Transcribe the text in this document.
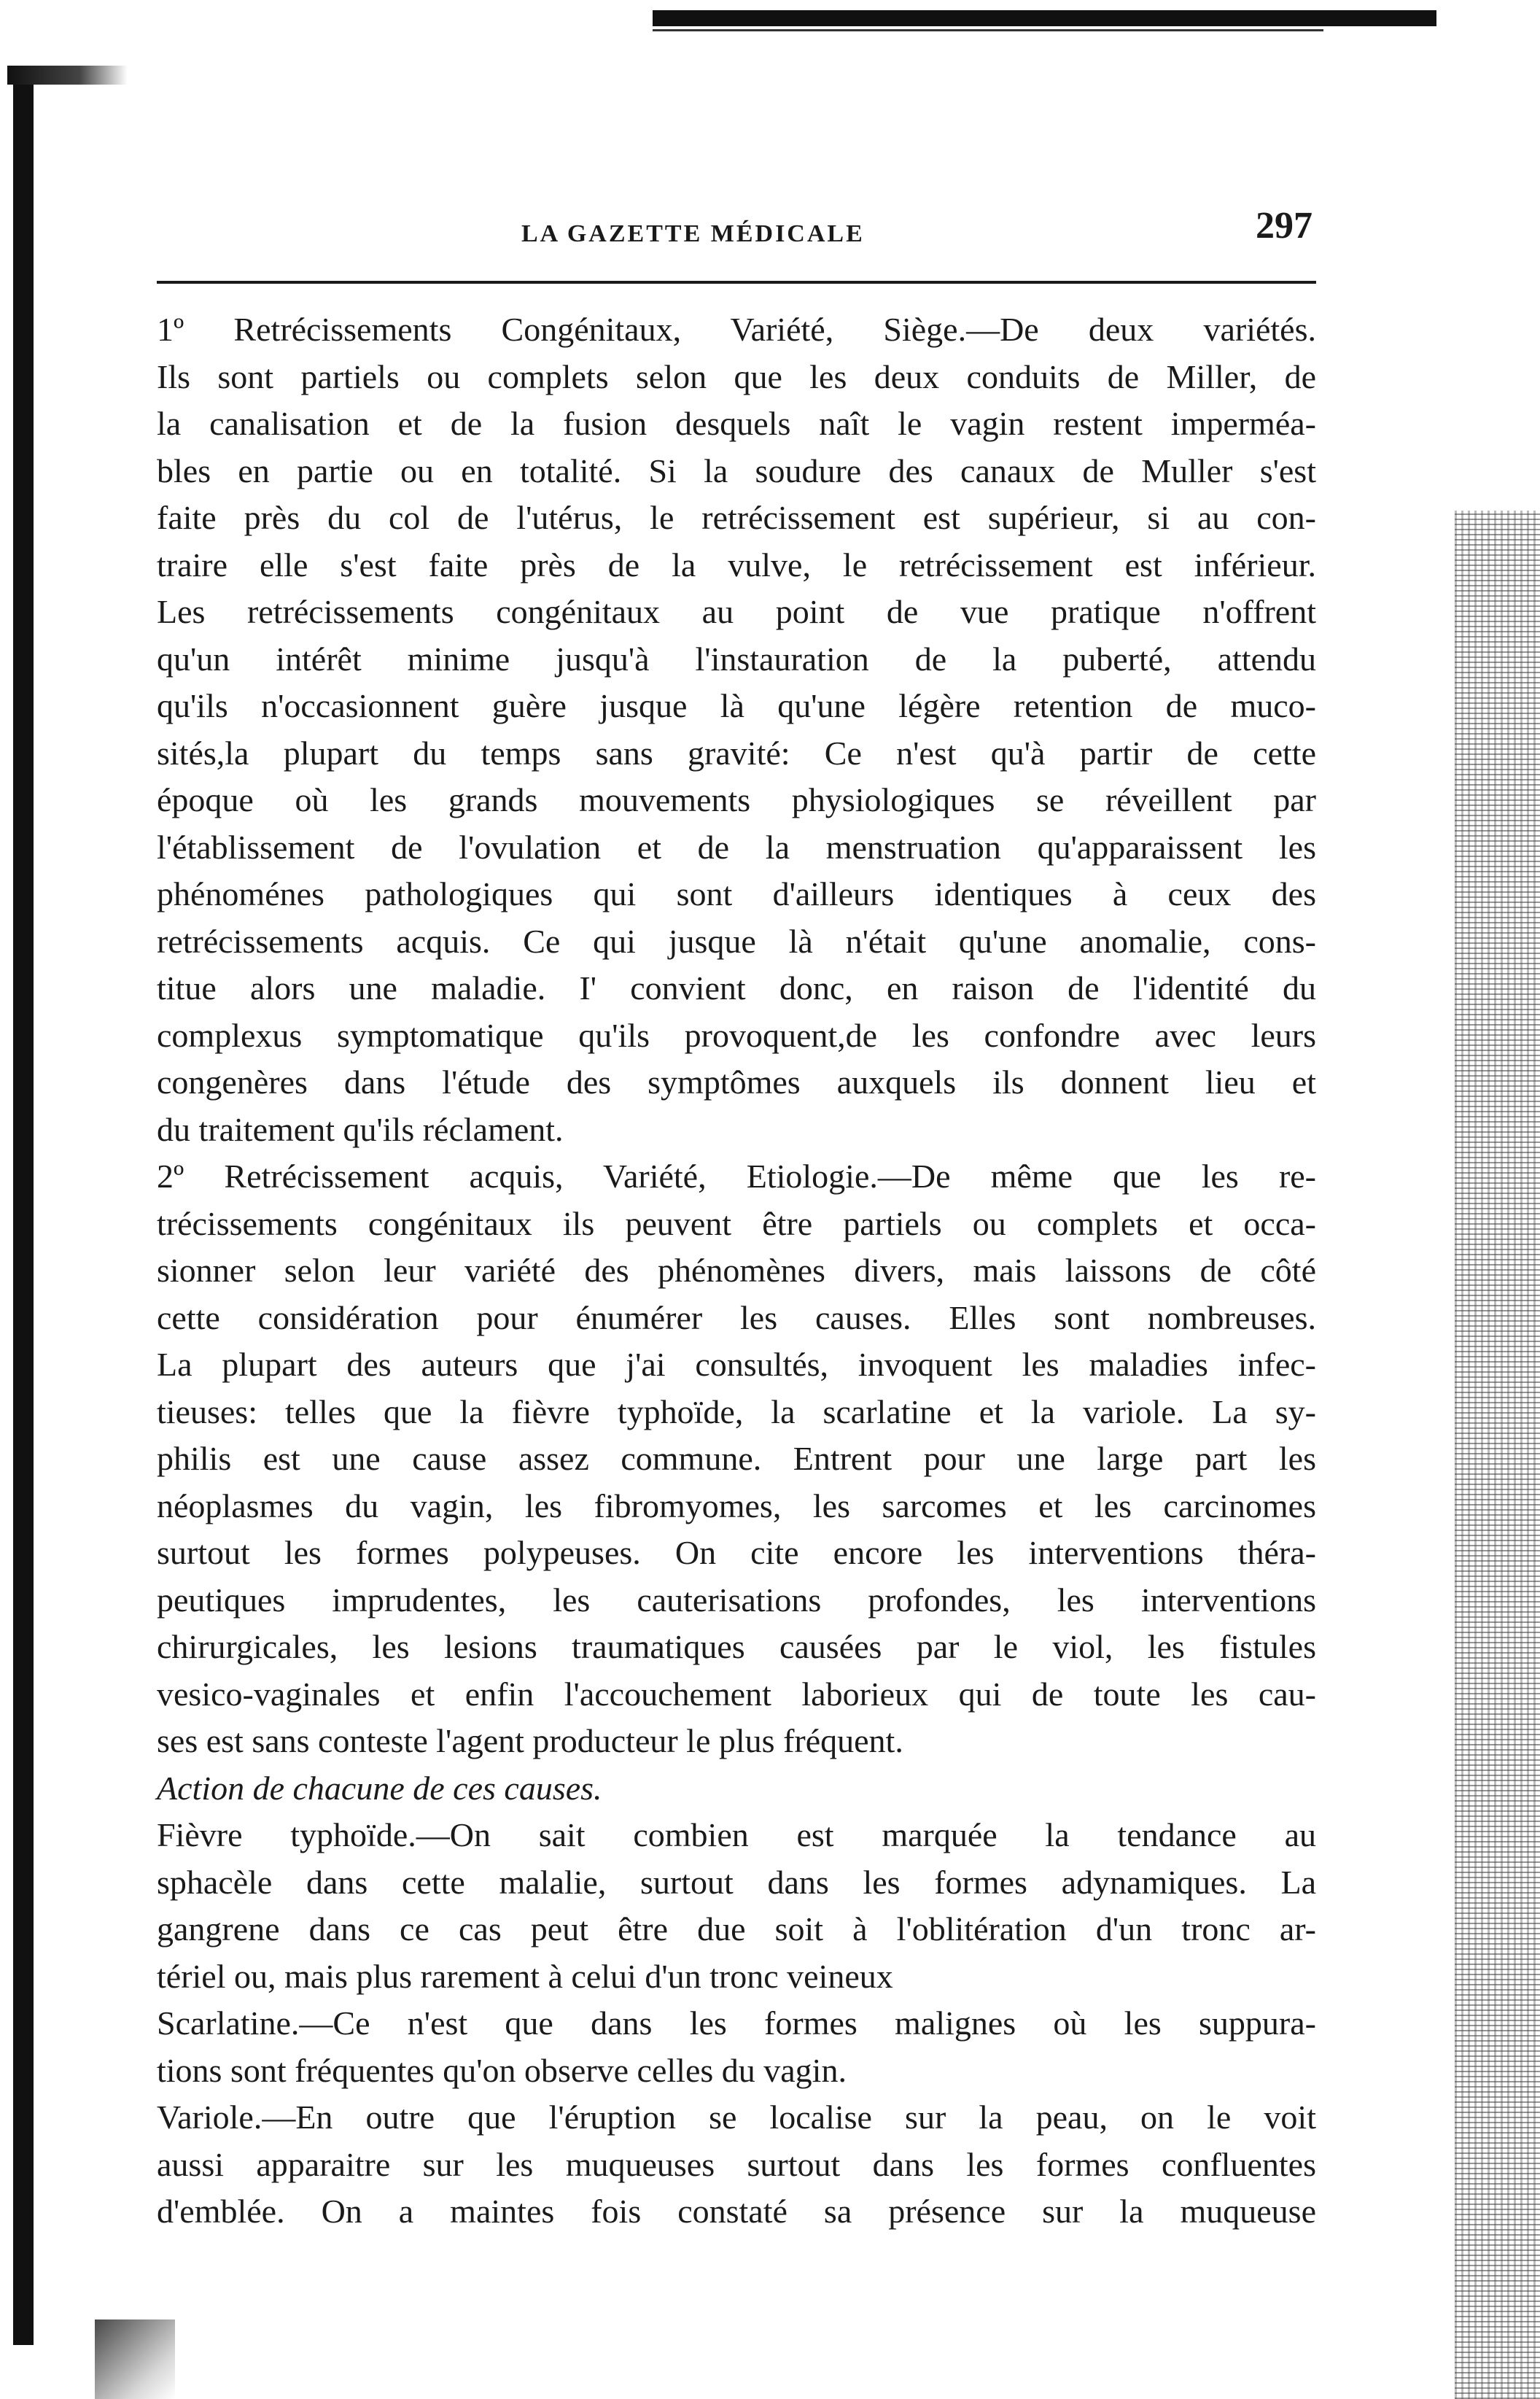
LA GAZETTE MÉDICALE	297
1º Retrécissements Congénitaux, Variété, Siège.—De deux variétés.
Ils sont partiels ou complets selon que les deux conduits de Miller, de
la canalisation et de la fusion desquels naît le vagin restent imperméa-
bles en partie ou en totalité. Si la soudure des canaux de Muller s'est
faite près du col de l'utérus, le retrécissement est supérieur, si au con-
traire elle s'est faite près de la vulve, le retrécissement est inférieur.
Les retrécissements congénitaux au point de vue pratique n'offrent
qu'un intérêt minime jusqu'à l'instauration de la puberté, attendu
qu'ils n'occasionnent guère jusque là qu'une légère retention de muco-
sités,la plupart du temps sans gravité: Ce n'est qu'à partir de cette
époque où les grands mouvements physiologiques se réveillent par
l'établissement de l'ovulation et de la menstruation qu'apparaissent les
phénoménes pathologiques qui sont d'ailleurs identiques à ceux des
retrécissements acquis. Ce qui jusque là n'était qu'une anomalie, cons-
titue alors une maladie. I' convient donc, en raison de l'identité du
complexus symptomatique qu'ils provoquent,de les confondre avec leurs
congenères dans l'étude des symptômes auxquels ils donnent lieu et
du traitement qu'ils réclament.
2º Retrécissement acquis, Variété, Etiologie.—De même que les re-
trécissements congénitaux ils peuvent être partiels ou complets et occa-
sionner selon leur variété des phénomènes divers, mais laissons de côté
cette considération pour énumérer les causes. Elles sont nombreuses.
La plupart des auteurs que j'ai consultés, invoquent les maladies infec-
tieuses: telles que la fièvre typhoïde, la scarlatine et la variole. La sy-
philis est une cause assez commune. Entrent pour une large part les
néoplasmes du vagin, les fibromyomes, les sarcomes et les carcinomes
surtout les formes polypeuses. On cite encore les interventions théra-
peutiques imprudentes, les cauterisations profondes, les interventions
chirurgicales, les lesions traumatiques causées par le viol, les fistules
vesico-vaginales et enfin l'accouchement laborieux qui de toute les cau-
ses est sans conteste l'agent producteur le plus fréquent.
Action de chacune de ces causes.
Fièvre typhoïde.—On sait combien est marquée la tendance au
sphacèle dans cette malalie, surtout dans les formes adynamiques. La
gangrene dans ce cas peut être due soit à l'oblitération d'un tronc ar-
tériel ou, mais plus rarement à celui d'un tronc veineux
Scarlatine.—Ce n'est que dans les formes malignes où les suppura-
tions sont fréquentes qu'on observe celles du vagin.
Variole.—En outre que l'éruption se localise sur la peau, on le voit
aussi apparaitre sur les muqueuses surtout dans les formes confluentes
d'emblée. On a maintes fois constaté sa présence sur la muqueuse
